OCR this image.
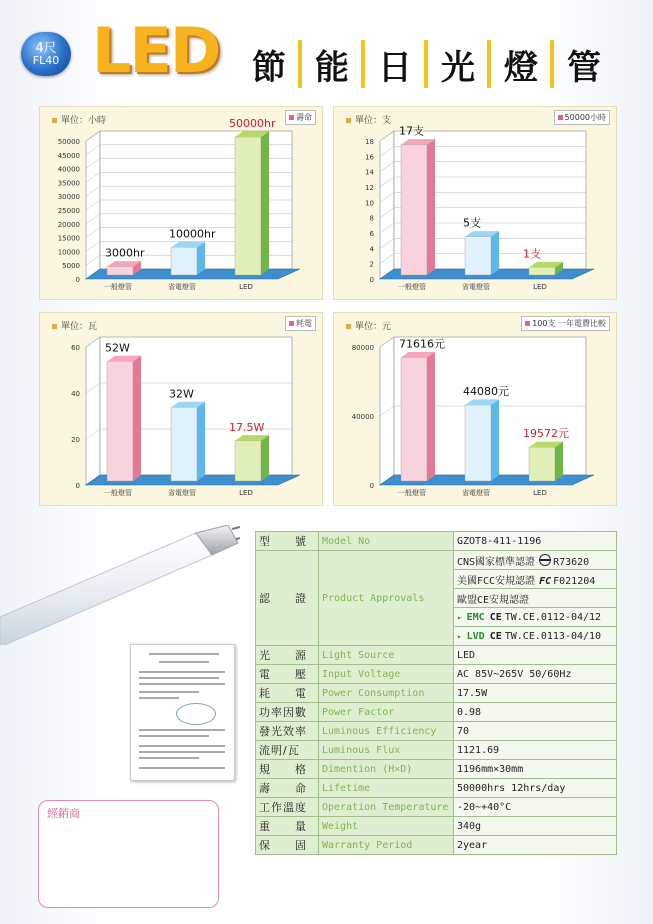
4尺
FL40 LED 節 能 日 光 燈 管
0
5000
10000
15000
20000
25000
30000
35000
40000
45000
50000
3000hr
一般燈管
10000hr
省電燈管
50000hr
LED
單位：小時	壽命
0
2
4
6
8
10
12
14
16
18
17支
一般燈管
5支
省電燈管
1支
LED
單位：支	50000小時
0
20
40
60 52W
一般燈管
32W
省電燈管
17.5W
LED
單位：瓦	耗電
0
40000
80000 71616元
一般燈管
44080元
省電燈管
19572元
LED
單位：元	100支 一年電費比較
型　　號	Model No	GZOT8-411-1196
認　　證	Product Approvals	CNS國家標準認證 R73620
		美國FCC安規認證 FC F021204
		歐盟CE安規認證
		▸ EMC CE TW.CE.0112-04/12
		▸ LVD CE TW.CE.0113-04/10
光　　源	Light Source	LED
電　　壓	Input Voltage	AC 85V~265V 50/60Hz
耗　　電	Power Consumption	17.5W
功率因數	Power Factor	0.98
發光效率	Luminous Efficiency	70
流明/瓦	Luminous Flux	1121.69
規　　格	Dimention (H×D)	1196mm×30mm
壽　　命	Lifetime	50000hrs 12hrs/day
工作溫度	Operation Temperature	-20~+40°C
重　　量	Weight	340g
保　　固	Warranty Period	2year
經銷商
